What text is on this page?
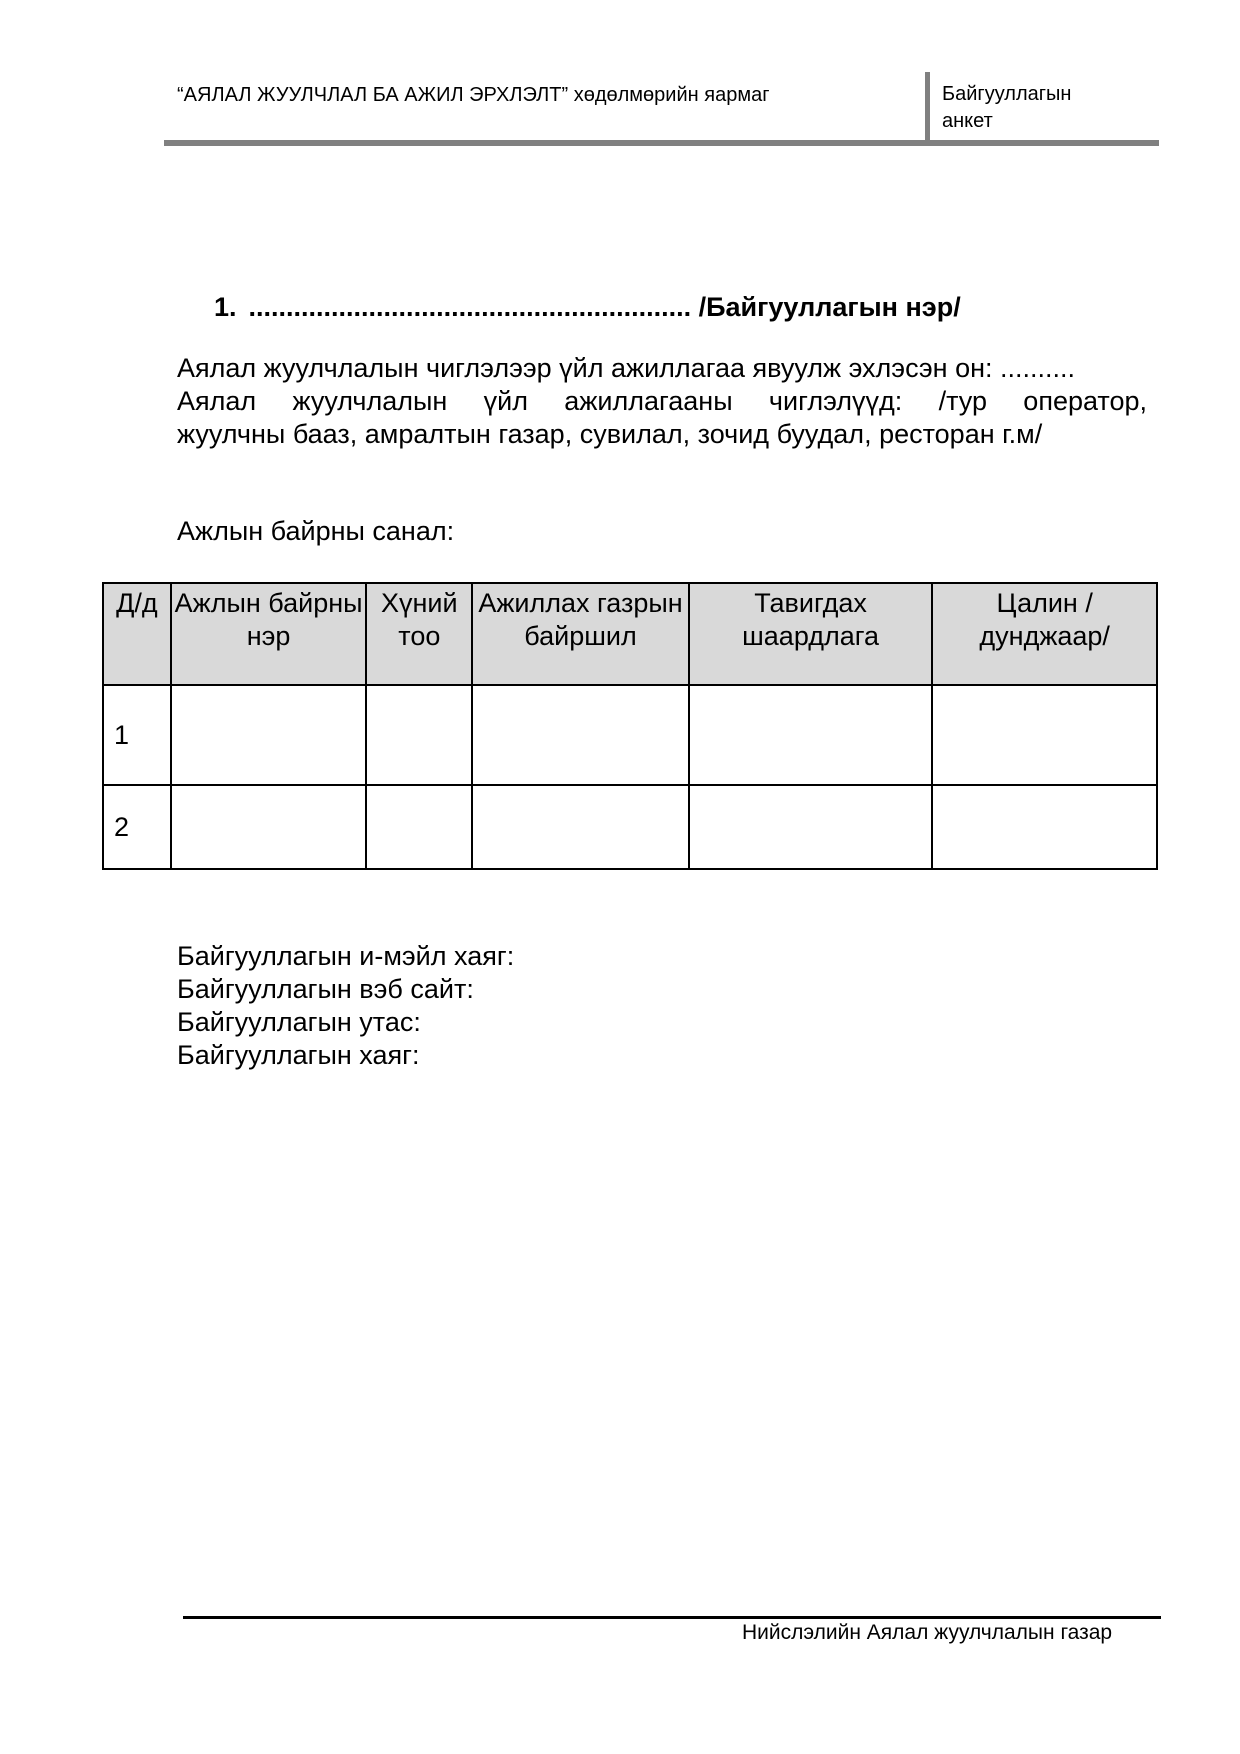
“АЯЛАЛ ЖУУЛЧЛАЛ БА АЖИЛ ЭРХЛЭЛТ” хөдөлмөрийн яармаг	Байгууллагын
анкет
1. ........................................................... /Байгууллагын нэр/
Аялал жуулчлалын чиглэлээр үйл ажиллагаа явуулж эхлэсэн он: ..........
Аялал жуулчлалын үйл ажиллагааны чиглэлүүд: /тур оператор,
жуулчны бааз, амралтын газар, сувилал, зочид буудал, ресторан г.м/
Ажлын байрны санал:
Д/д	Ажлын байрны нэр	Хүний тоо	Ажиллах газрын байршил	Тавигдах шаардлага	Цалин /дунджаар/
1					
2					
Байгууллагын и-мэйл хаяг:
Байгууллагын вэб сайт:
Байгууллагын утас:
Байгууллагын хаяг:
Нийслэлийн Аялал жуулчлалын газар
